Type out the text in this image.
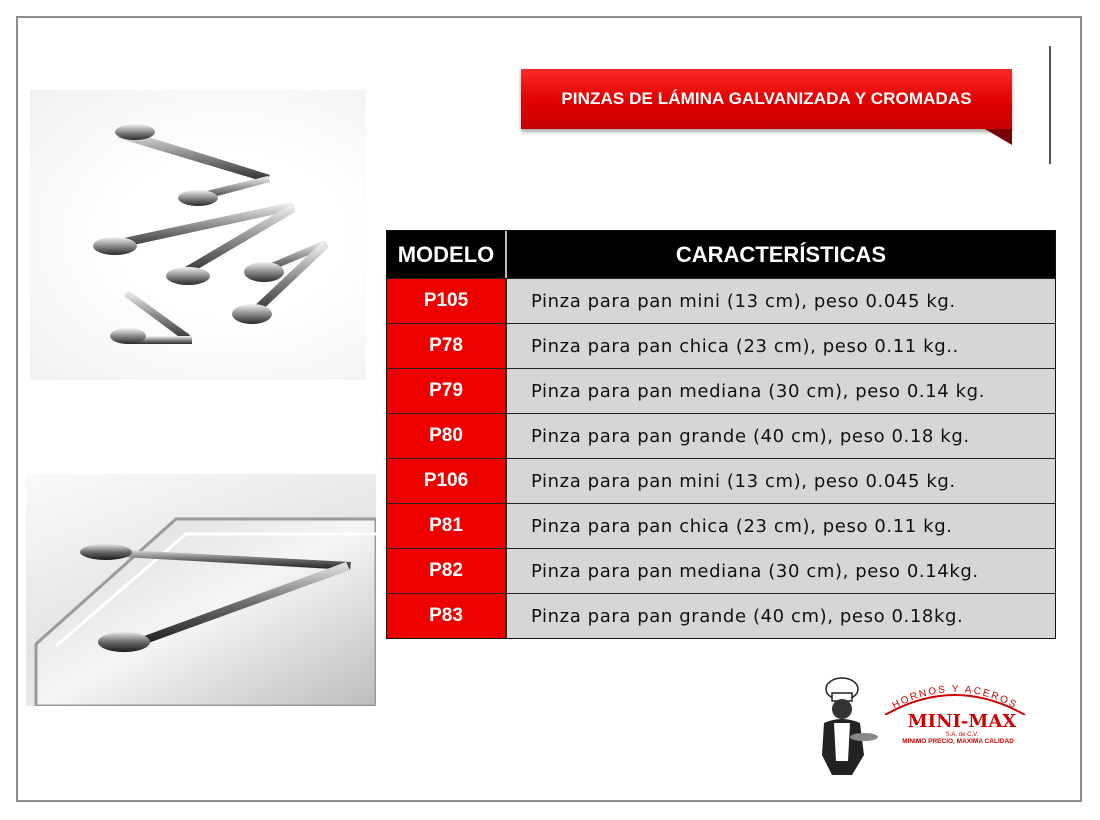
PINZAS DE LÁMINA GALVANIZADA Y CROMADAS
MODELO	CARACTERÍSTICAS
P105	Pinza para pan mini (13 cm), peso 0.045 kg.
P78	Pinza para pan chica (23 cm), peso 0.11 kg..
P79	Pinza para pan mediana (30 cm), peso 0.14 kg.
P80	Pinza para pan grande (40 cm), peso 0.18 kg.
P106	Pinza para pan mini (13 cm), peso 0.045 kg.
P81	Pinza para pan chica (23 cm), peso 0.11 kg.
P82	Pinza para pan mediana (30 cm), peso 0.14kg.
P83	Pinza para pan grande (40 cm), peso 0.18kg.
HORNOS Y ACEROS
MINI-MAX
S.A. de C.V.
MINIMO PRECIO, MAXIMA CALIDAD
